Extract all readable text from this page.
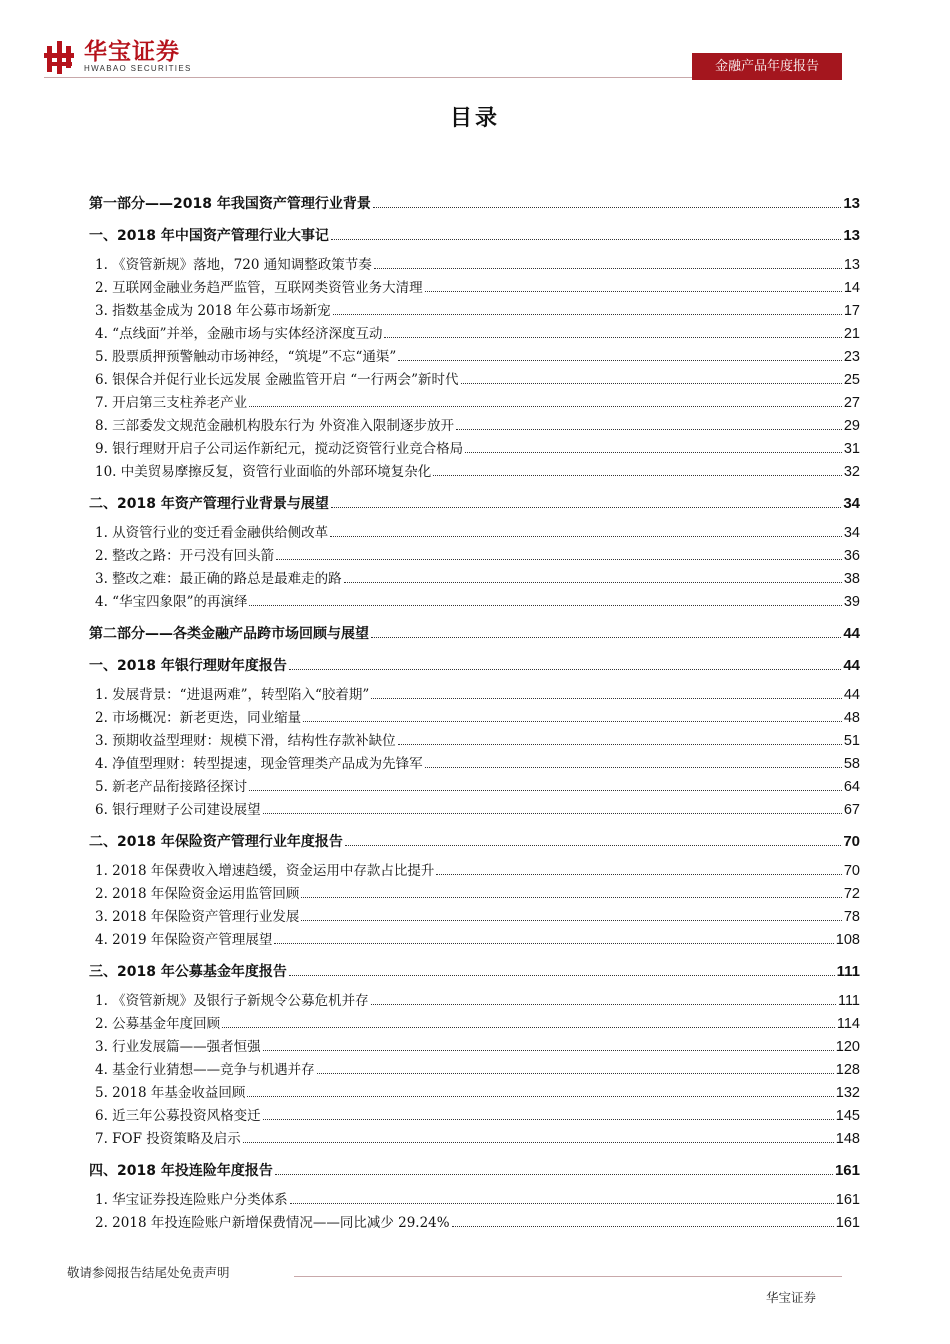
华宝证券
HWABAO SECURITIES	金融产品年度报告
目录
第一部分——2018 年我国资产管理行业背景	13
一、2018 年中国资产管理行业大事记	13
1. 《资管新规》落地，720 通知调整政策节奏	13
2. 互联网金融业务趋严监管，互联网类资管业务大清理	14
3. 指数基金成为 2018 年公募市场新宠	17
4. “点线面”并举，金融市场与实体经济深度互动	21
5. 股票质押预警触动市场神经，“筑堤”不忘“通渠”	23
6. 银保合并促行业长远发展 金融监管开启 “一行两会”新时代	25
7. 开启第三支柱养老产业	27
8. 三部委发文规范金融机构股东行为 外资准入限制逐步放开	29
9. 银行理财开启子公司运作新纪元，搅动泛资管行业竞合格局	31
10. 中美贸易摩擦反复，资管行业面临的外部环境复杂化	32
二、2018 年资产管理行业背景与展望	34
1. 从资管行业的变迁看金融供给侧改革	34
2. 整改之路：开弓没有回头箭	36
3. 整改之难：最正确的路总是最难走的路	38
4. “华宝四象限”的再演绎	39
第二部分——各类金融产品跨市场回顾与展望	44
一、2018 年银行理财年度报告	44
1. 发展背景：“进退两难”，转型陷入“胶着期”	44
2. 市场概况：新老更迭，同业缩量	48
3. 预期收益型理财：规模下滑，结构性存款补缺位	51
4. 净值型理财：转型提速，现金管理类产品成为先锋军	58
5. 新老产品衔接路径探讨	64
6. 银行理财子公司建设展望	67
二、2018 年保险资产管理行业年度报告	70
1. 2018 年保费收入增速趋缓，资金运用中存款占比提升	70
2. 2018 年保险资金运用监管回顾	72
3. 2018 年保险资产管理行业发展	78
4. 2019 年保险资产管理展望	108
三、2018 年公募基金年度报告	111
1. 《资管新规》及银行子新规令公募危机并存	111
2. 公募基金年度回顾	114
3. 行业发展篇——强者恒强	120
4. 基金行业猜想——竞争与机遇并存	128
5. 2018 年基金收益回顾	132
6. 近三年公募投资风格变迁	145
7. FOF 投资策略及启示	148
四、2018 年投连险年度报告	161
1. 华宝证券投连险账户分类体系	161
2. 2018 年投连险账户新增保费情况——同比减少 29.24%	161
敬请参阅报告结尾处免责声明
华宝证券
